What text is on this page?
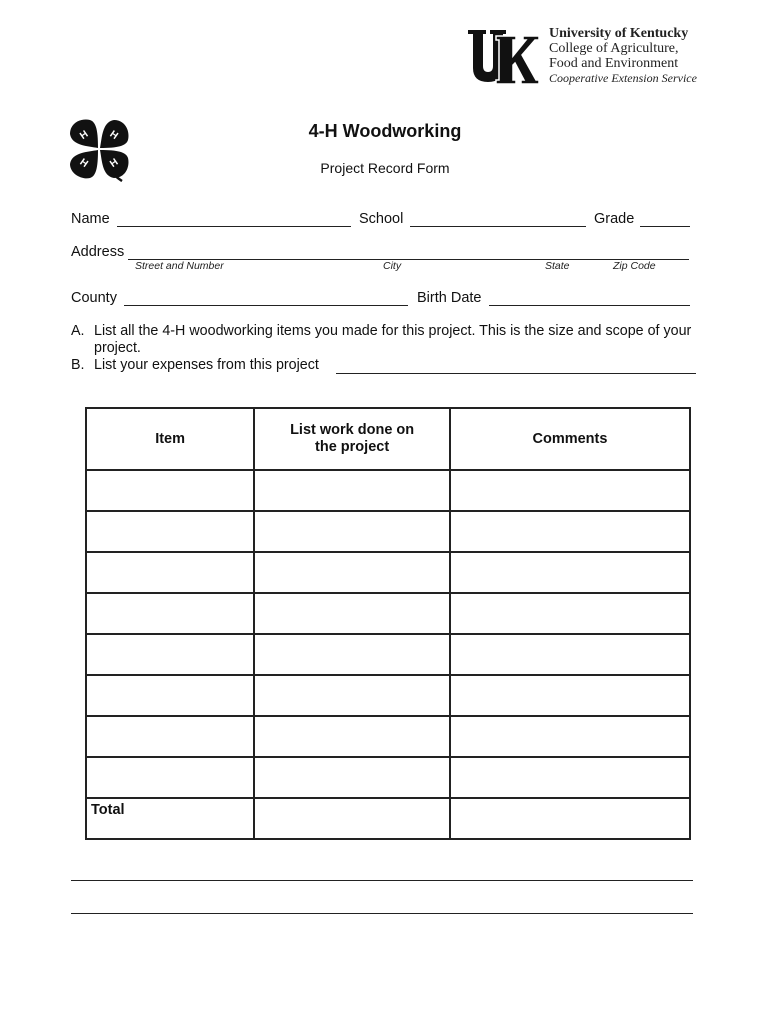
University of Kentucky
College of Agriculture,
Food and Environment
Cooperative Extension Service
H H
H H
4-H Woodworking
Project Record Form
Name	School	Grade
Address
Street and Number	City	State	Zip Code
County	Birth Date
A. List all the 4-H woodworking items you made for this project. This is the size and scope of your project.
B. List your expenses from this project
Item	List work done on the project	Comments

Total		
